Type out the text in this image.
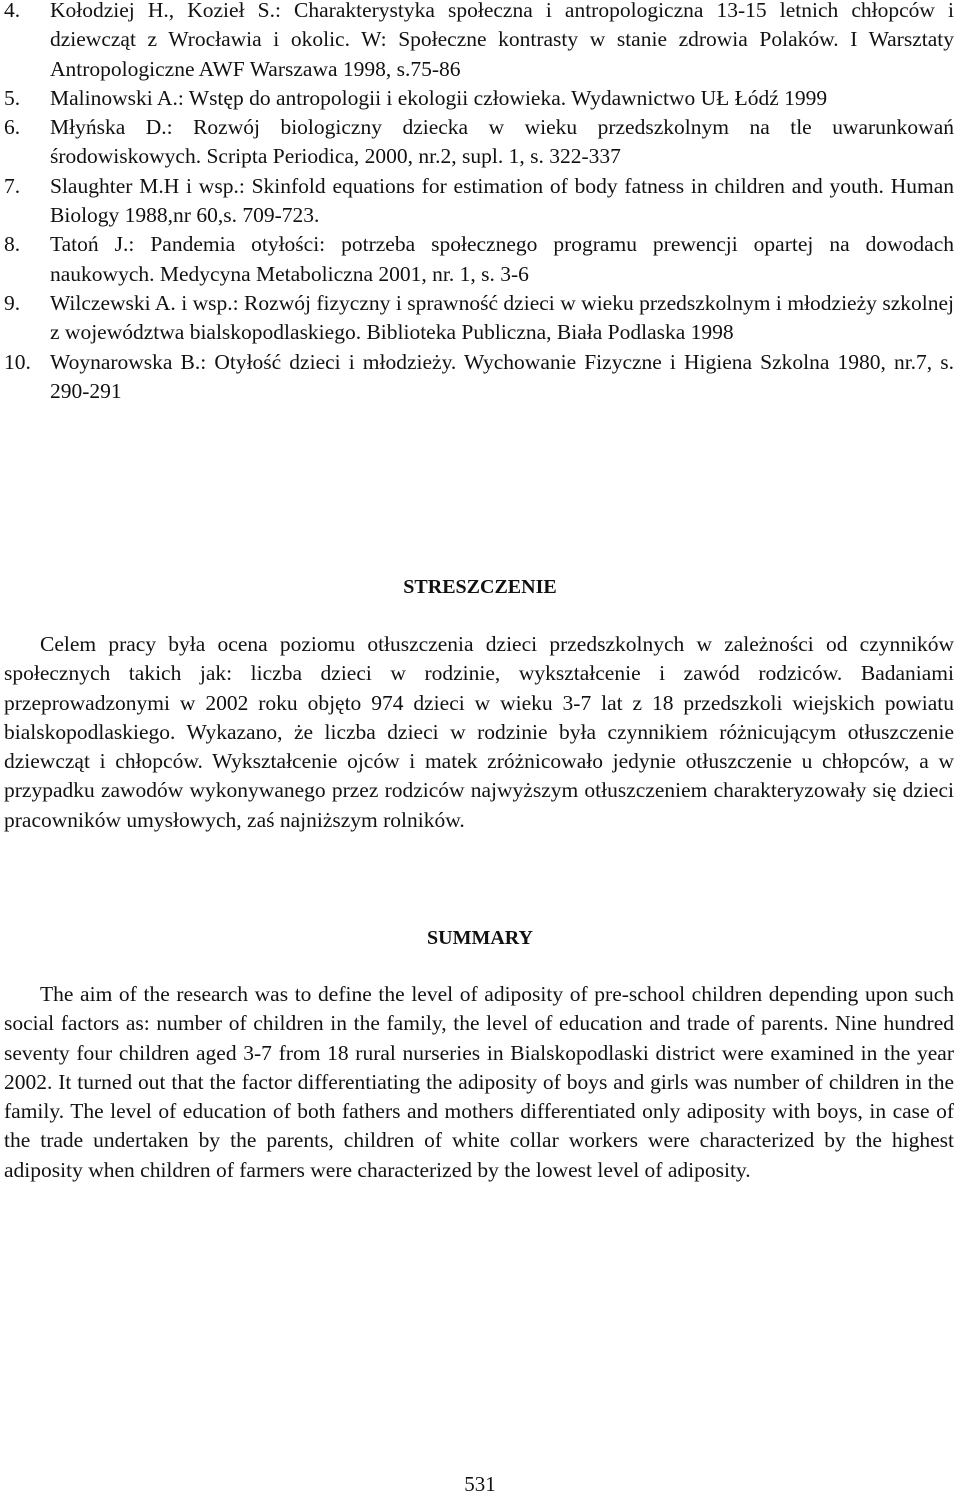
4.	Kołodziej H., Kozieł S.: Charakterystyka społeczna i antropologiczna 13-15 letnich chłopców i dziewcząt z Wrocławia i okolic. W: Społeczne kontrasty w stanie zdrowia Polaków. I Warsztaty Antropologiczne AWF Warszawa 1998, s.75-86
5.	Malinowski A.: Wstęp do antropologii i ekologii człowieka. Wydawnictwo UŁ Łódź 1999
6.	Młyńska D.: Rozwój biologiczny dziecka w wieku przedszkolnym na tle uwarunkowań środowiskowych. Scripta Periodica, 2000, nr.2, supl. 1, s. 322-337
7.	Slaughter M.H i wsp.: Skinfold equations for estimation of body fatness in children and youth. Human Biology 1988,nr 60,s. 709-723.
8.	Tatoń J.: Pandemia otyłości: potrzeba społecznego programu prewencji opartej na dowodach naukowych. Medycyna Metaboliczna 2001, nr. 1, s. 3-6
9.	Wilczewski A. i wsp.: Rozwój fizyczny i sprawność dzieci w wieku przedszkolnym i młodzieży szkolnej z województwa bialskopodlaskiego. Biblioteka Publiczna, Biała Podlaska 1998
10. Woynarowska B.: Otyłość dzieci i młodzieży. Wychowanie Fizyczne i Higiena Szkolna 1980, nr.7, s. 290-291
STRESZCZENIE

Celem pracy była ocena poziomu otłuszczenia dzieci przedszkolnych w zależności od czynników społecznych takich jak: liczba dzieci w rodzinie, wykształcenie i zawód rodziców. Badaniami przeprowadzonymi w 2002 roku objęto 974 dzieci w wieku 3-7 lat z 18 przedszkoli wiejskich powiatu bialskopodlaskiego. Wykazano, że liczba dzieci w rodzinie była czynnikiem różnicującym otłuszczenie dziewcząt i chłopców. Wykształcenie ojców i matek zróżnicowało jedynie otłuszczenie u chłopców, a w przypadku zawodów wykonywanego przez rodziców najwyższym otłuszczeniem charakteryzowały się dzieci pracowników umysłowych, zaś najniższym rolników.

SUMMARY

The aim of the research was to define the level of adiposity of pre-school children depending upon such social factors as: number of children in the family, the level of education and trade of parents. Nine hundred seventy four children aged 3-7 from 18 rural nurseries in Bialskopodlaski district were examined in the year 2002. It turned out that the factor differentiating the adiposity of boys and girls was number of children in the family. The level of education of both fathers and mothers differentiated only adiposity with boys, in case of the trade undertaken by the parents, children of white collar workers were characterized by the highest adiposity when children of farmers were characterized by the lowest level of adiposity.

531
